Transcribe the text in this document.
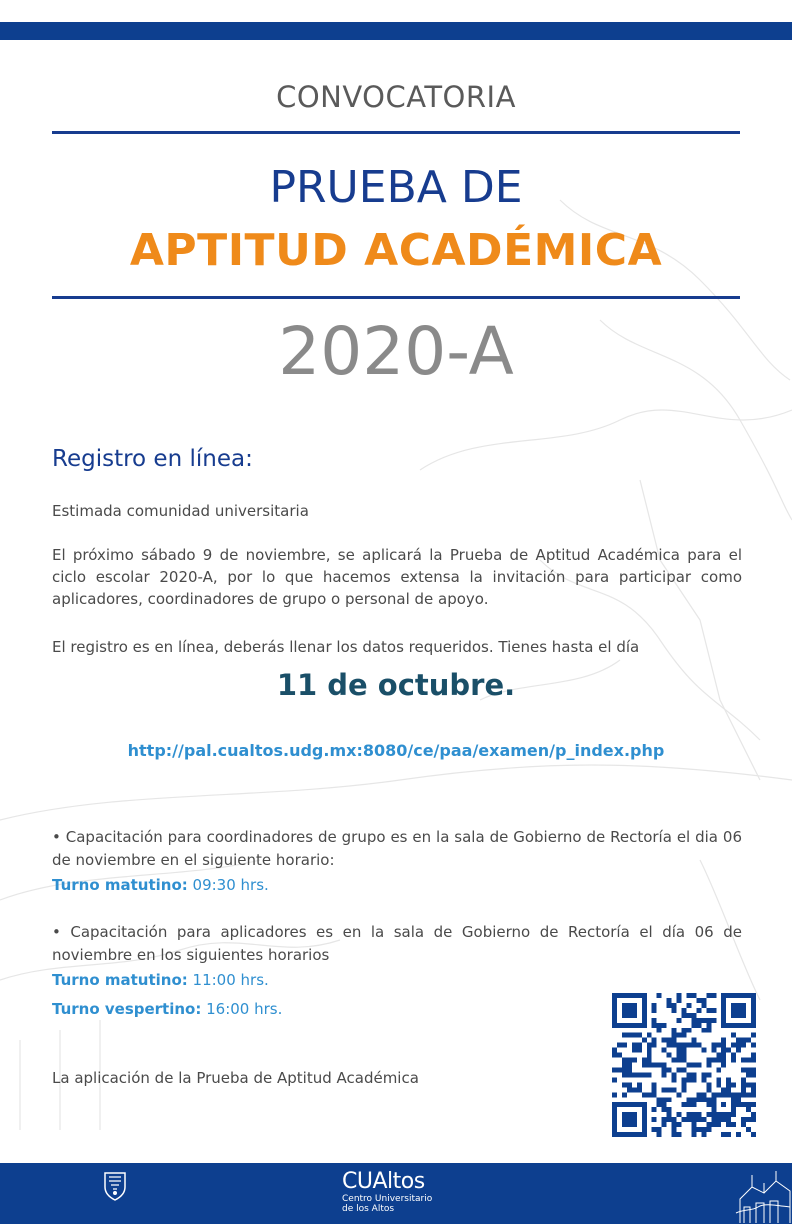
CONVOCATORIA
PRUEBA DE
APTITUD ACADÉMICA
2020-A
Registro en línea:
Estimada comunidad universitaria
El próximo sábado 9 de noviembre, se aplicará la Prueba de Aptitud Académica para el ciclo escolar 2020-A, por lo que hacemos extensa la invitación para participar como aplicadores, coordinadores de grupo o personal de apoyo.
El registro es en línea, deberás llenar los datos requeridos. Tienes hasta el día
11 de octubre.
http://pal.cualtos.udg.mx:8080/ce/paa/examen/p_index.php
• Capacitación para coordinadores de grupo es en la sala de Gobierno de Rectoría el dia 06 de noviembre en el siguiente horario:
Turno matutino: 09:30 hrs.
• Capacitación para aplicadores es en la sala de Gobierno de Rectoría el día 06 de noviembre en los siguientes horarios
Turno matutino: 11:00 hrs.
Turno vespertino: 16:00 hrs.
La aplicación de la Prueba de Aptitud Académica
CUAltos
Centro Universitario
de los Altos
